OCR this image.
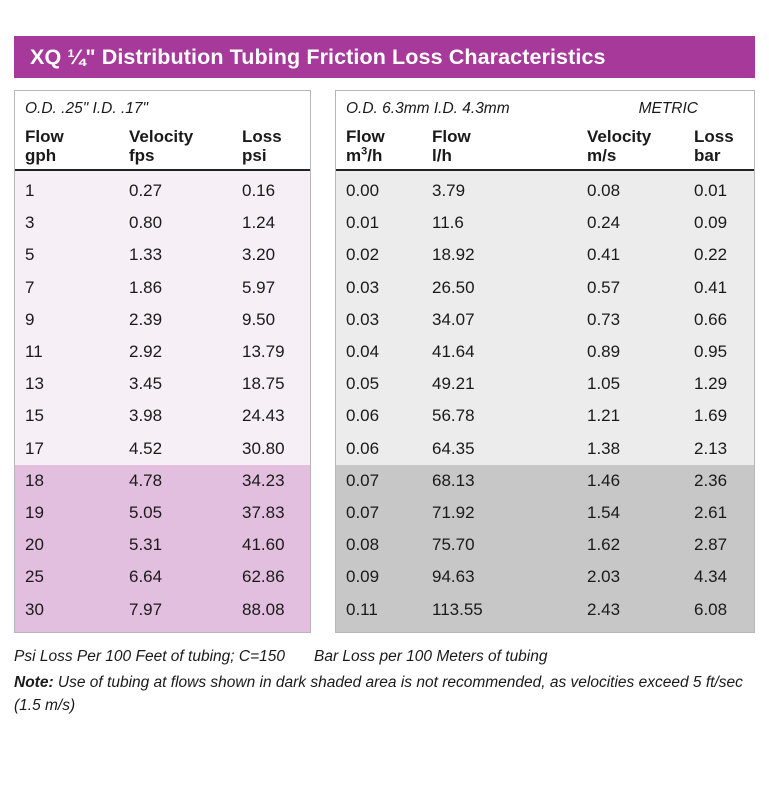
XQ ¼" Distribution Tubing Friction Loss Characteristics
O.D. .25" I.D. .17"
Flow
gph
Velocity
fps
Loss
psi
1	0.27	0.16
3	0.80	1.24
5	1.33	3.20
7	1.86	5.97
9	2.39	9.50
11	2.92	13.79
13	3.45	18.75
15	3.98	24.43
17	4.52	30.80
18	4.78	34.23
19	5.05	37.83
20	5.31	41.60
25	6.64	62.86
30	7.97	88.08
O.D. 6.3mm I.D. 4.3mm	METRIC
Flow
$m^3/h$
Flow
l/h
Velocity
m/s
Loss
bar
0.00	3.79	0.08	0.01
0.01	11.6	0.24	0.09
0.02	18.92	0.41	0.22
0.03	26.50	0.57	0.41
0.03	34.07	0.73	0.66
0.04	41.64	0.89	0.95
0.05	49.21	1.05	1.29
0.06	56.78	1.21	1.69
0.06	64.35	1.38	2.13
0.07	68.13	1.46	2.36
0.07	71.92	1.54	2.61
0.08	75.70	1.62	2.87
0.09	94.63	2.03	4.34
0.11	113.55	2.43	6.08
Psi Loss Per 100 Feet of tubing; C=150	Bar Loss per 100 Meters of tubing
Note: Use of tubing at flows shown in dark shaded area is not recommended, as velocities exceed 5 ft/sec (1.5 m/s)
